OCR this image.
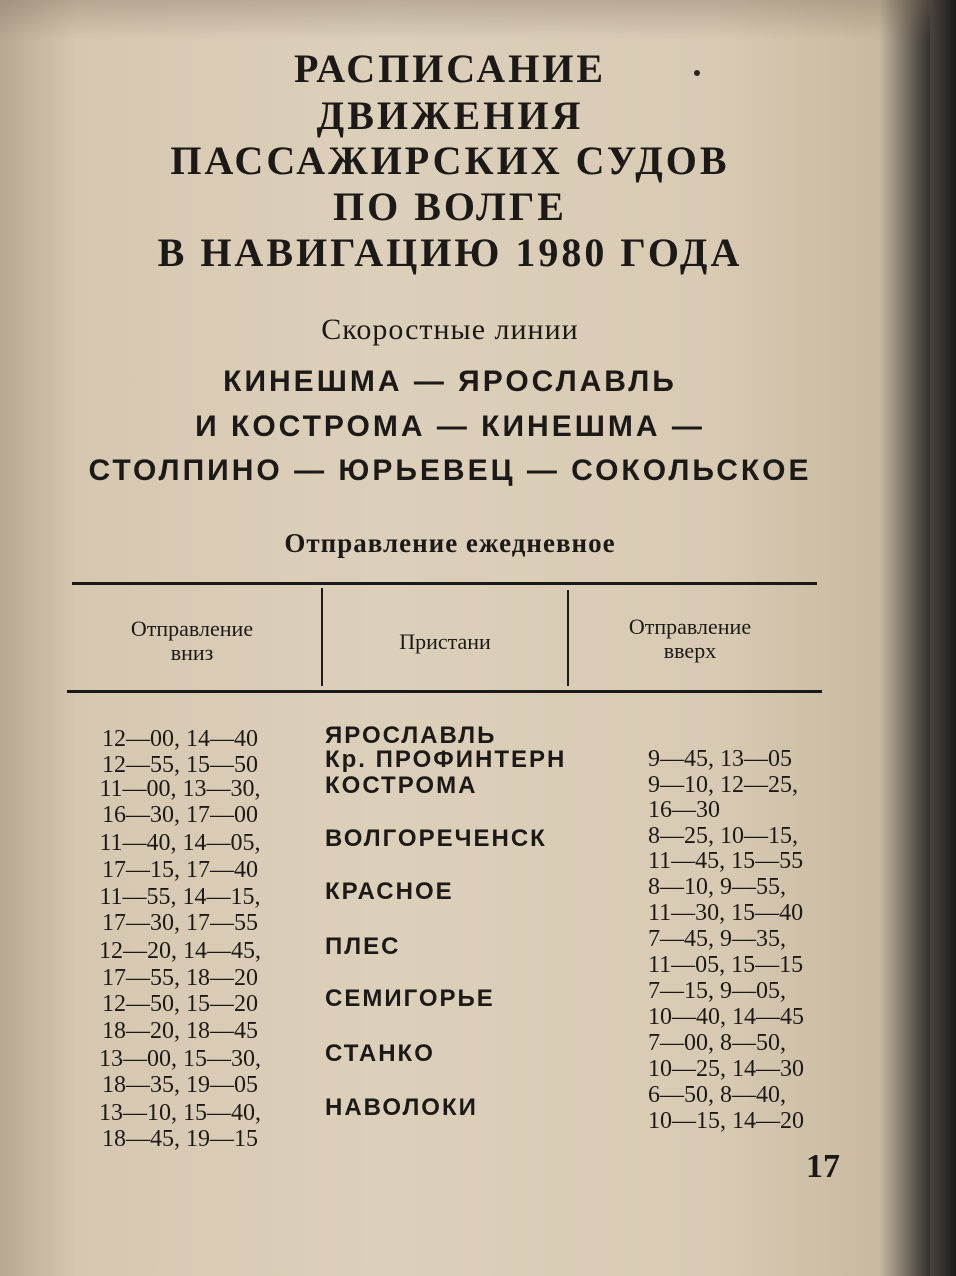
РАСПИСАНИЕ
ДВИЖЕНИЯ
ПАССАЖИРСКИХ СУДОВ
ПО ВОЛГЕ
В НАВИГАЦИЮ 1980 ГОДА
Скоростные линии
КИНЕШМА — ЯРОСЛАВЛЬ
И КОСТРОМА — КИНЕШМА —
СТОЛПИНО — ЮРЬЕВЕЦ — СОКОЛЬСКОЕ
Отправление ежедневное
Отправление
вниз	Пристани
Отправление
вверх
ЯРОСЛАВЛЬ
12—00, 14—40
Кр. ПРОФИНТЕРН
12—55, 15—50	9—45, 13—05
КОСТРОМА
11—00, 13—30,
16—30, 17—00
9—10, 12—25,
16—30
ВОЛГОРЕЧЕНСК
11—40, 14—05,
17—15, 17—40
8—25, 10—15,
11—45, 15—55
КРАСНОЕ
11—55, 14—15,
17—30, 17—55
8—10, 9—55,
11—30, 15—40
ПЛЕС
12—20, 14—45,
17—55, 18—20
7—45, 9—35,
11—05, 15—15
СЕМИГОРЬЕ
12—50, 15—20
18—20, 18—45
7—15, 9—05,
10—40, 14—45
СТАНКО
13—00, 15—30,
18—35, 19—05
7—00, 8—50,
10—25, 14—30
НАВОЛОКИ
13—10, 15—40,
18—45, 19—15
6—50, 8—40,
10—15, 14—20
17
